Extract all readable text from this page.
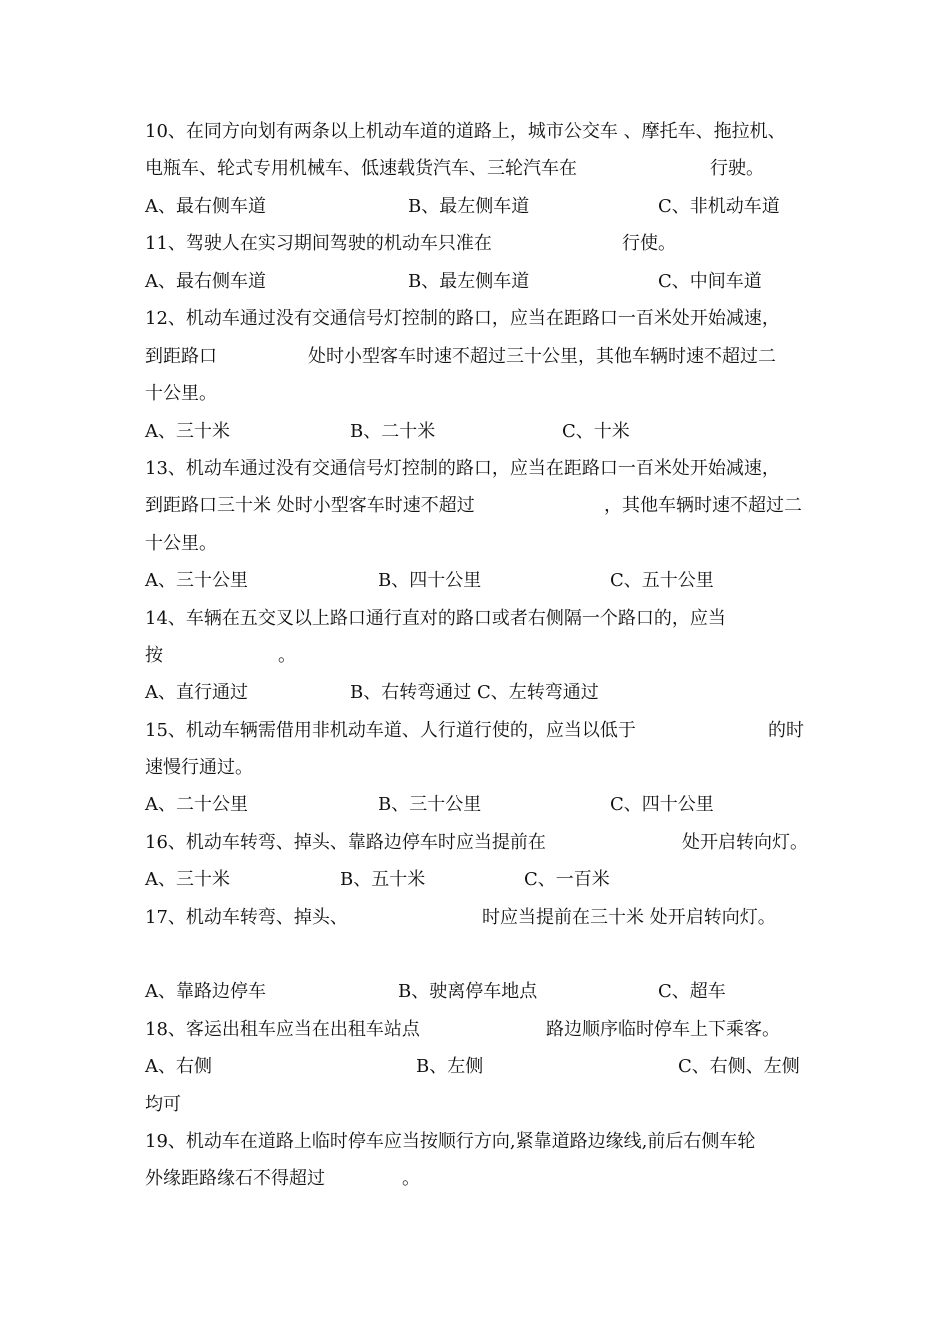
10、在同方向划有两条以上机动车道的道路上，城市公交车 、摩托车、拖拉机、
电瓶车、轮式专用机械车、低速载货汽车、三轮汽车在	行驶。
A、最右侧车道	B、最左侧车道	C、非机动车道
11、驾驶人在实习期间驾驶的机动车只准在	行使。
A、最右侧车道	B、最左侧车道	C、中间车道
12、机动车通过没有交通信号灯控制的路口，应当在距路口一百米处开始减速，
到距路口	处时小型客车时速不超过三十公里，其他车辆时速不超过二
十公里。
A、三十米	B、二十米	C、十米
13、机动车通过没有交通信号灯控制的路口，应当在距路口一百米处开始减速，
到距路口三十米 处时小型客车时速不超过	，其他车辆时速不超过二
十公里。
A、三十公里	B、四十公里	C、五十公里
14、车辆在五交叉以上路口通行直对的路口或者右侧隔一个路口的，应当
按	。
A、直行通过	B、右转弯通过 C、左转弯通过
15、机动车辆需借用非机动车道、人行道行使的，应当以低于	的时
速慢行通过。
A、二十公里	B、三十公里	C、四十公里
16、机动车转弯、掉头、靠路边停车时应当提前在	处开启转向灯。
A、三十米	B、五十米	C、一百米
17、机动车转弯、掉头、	时应当提前在三十米 处开启转向灯。
A、靠路边停车	B、驶离停车地点	C、超车
18、客运出租车应当在出租车站点	路边顺序临时停车上下乘客。
A、右侧	B、左侧	C、右侧、左侧
均可
19、机动车在道路上临时停车应当按顺行方向,紧靠道路边缘线,前后右侧车轮
外缘距路缘石不得超过	。
